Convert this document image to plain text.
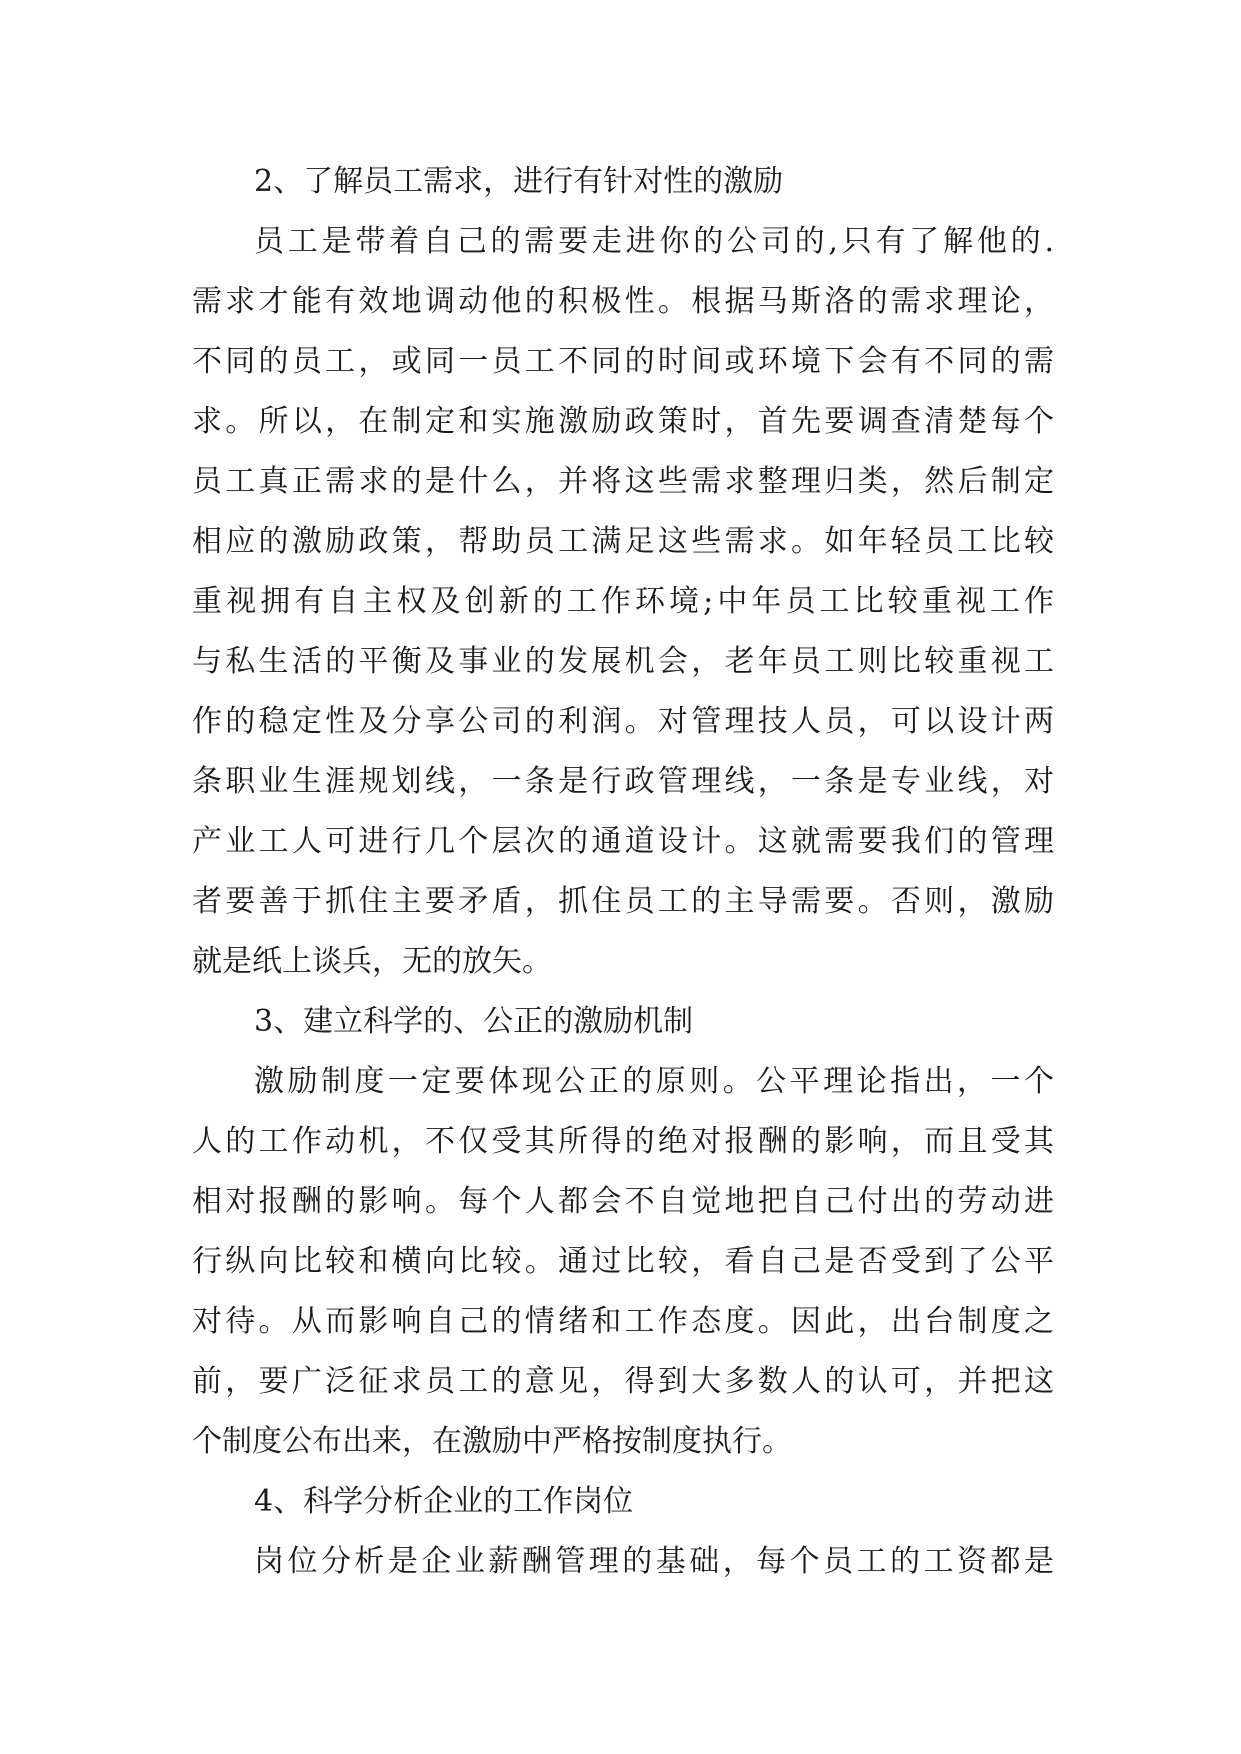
2、了解员工需求，进行有针对性的激励
员工是带着自己的需要走进你的公司的,只有了解他的.
需求才能有效地调动他的积极性。根据马斯洛的需求理论，
不同的员工，或同一员工不同的时间或环境下会有不同的需
求。所以，在制定和实施激励政策时，首先要调查清楚每个
员工真正需求的是什么，并将这些需求整理归类，然后制定
相应的激励政策，帮助员工满足这些需求。如年轻员工比较
重视拥有自主权及创新的工作环境;中年员工比较重视工作
与私生活的平衡及事业的发展机会，老年员工则比较重视工
作的稳定性及分享公司的利润。对管理技人员，可以设计两
条职业生涯规划线，一条是行政管理线，一条是专业线，对
产业工人可进行几个层次的通道设计。这就需要我们的管理
者要善于抓住主要矛盾，抓住员工的主导需要。否则，激励
就是纸上谈兵，无的放矢。
3、建立科学的、公正的激励机制
激励制度一定要体现公正的原则。公平理论指出，一个
人的工作动机，不仅受其所得的绝对报酬的影响，而且受其
相对报酬的影响。每个人都会不自觉地把自己付出的劳动进
行纵向比较和横向比较。通过比较，看自己是否受到了公平
对待。从而影响自己的情绪和工作态度。因此，出台制度之
前，要广泛征求员工的意见，得到大多数人的认可，并把这
个制度公布出来，在激励中严格按制度执行。
4、科学分析企业的工作岗位
岗位分析是企业薪酬管理的基础，每个员工的工资都是
